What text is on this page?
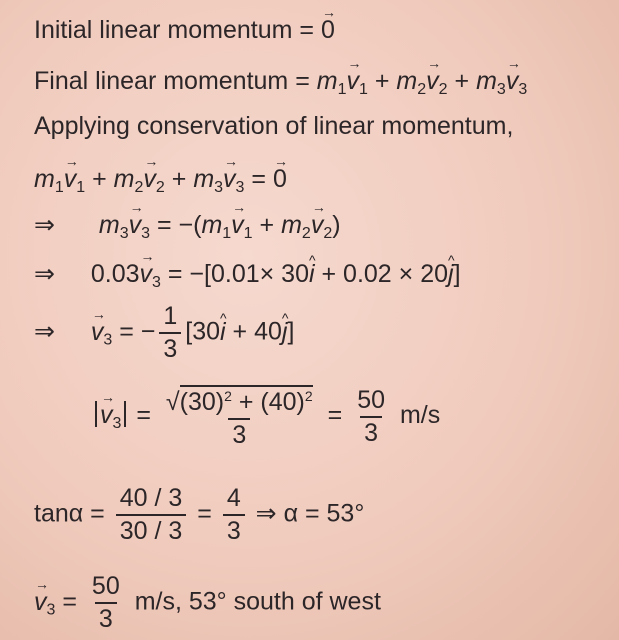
Initial linear momentum = → 0
Final linear momentum = $m_1\to v_1 + m_2\to v_2 + m_3\to v_3$
Applying conservation of linear momentum,
$m_1\to v_1 + m_2\to v_2 + m_3\to v_3$ = → 0
⇒ $m_3\to v_3 = -(m_1\to v_1 + m_2\to v_2)$
⇒ $0.03\to v_3 = -[0.01\times$ 30^ i + 0.02 × 20^ j]
⇒ → $v_3$ = − $\frac{1}{3}$ [30^ i + 40^ j]
→ $v_3 = \frac{√(30)^2 + (40)^2}{3} = \frac{50}{3} m/s$
$\tan\alpha = \frac{40 / 3}{30 / 3} = \frac{4}{3}$ ⇒ α = 53°
→ $v_3 = \frac{50}{3} m/s$, 53° south of west
